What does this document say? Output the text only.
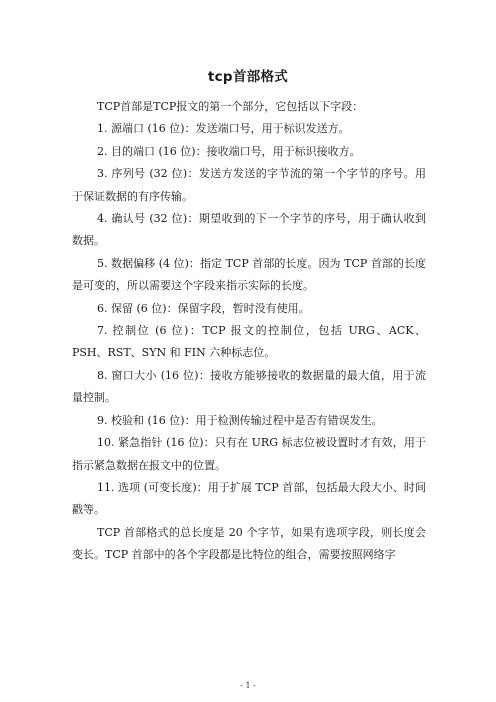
tcp首部格式

TCP首部是TCP报文的第一个部分，它包括以下字段：

1. 源端口 (16 位)：发送端口号，用于标识发送方。

2. 目的端口 (16 位)：接收端口号，用于标识接收方。

3. 序列号 (32 位)：发送方发送的字节流的第一个字节的序号。用于保证数据的有序传输。

4. 确认号 (32 位)：期望收到的下一个字节的序号，用于确认收到数据。

5. 数据偏移 (4 位)：指定 TCP 首部的长度。因为 TCP 首部的长度是可变的，所以需要这个字段来指示实际的长度。

6. 保留 (6 位)：保留字段，暂时没有使用。

7. 控制位 (6 位)：TCP 报文的控制位，包括 URG、ACK、PSH、RST、SYN 和 FIN 六种标志位。

8. 窗口大小 (16 位)：接收方能够接收的数据量的最大值，用于流量控制。

9. 校验和 (16 位)：用于检测传输过程中是否有错误发生。

10. 紧急指针 (16 位)：只有在 URG 标志位被设置时才有效，用于指示紧急数据在报文中的位置。

11. 选项 (可变长度)：用于扩展 TCP 首部，包括最大段大小、时间戳等。

TCP 首部格式的总长度是 20 个字节，如果有选项字段，则长度会变长。TCP 首部中的各个字段都是比特位的组合，需要按照网络字

- 1 -
